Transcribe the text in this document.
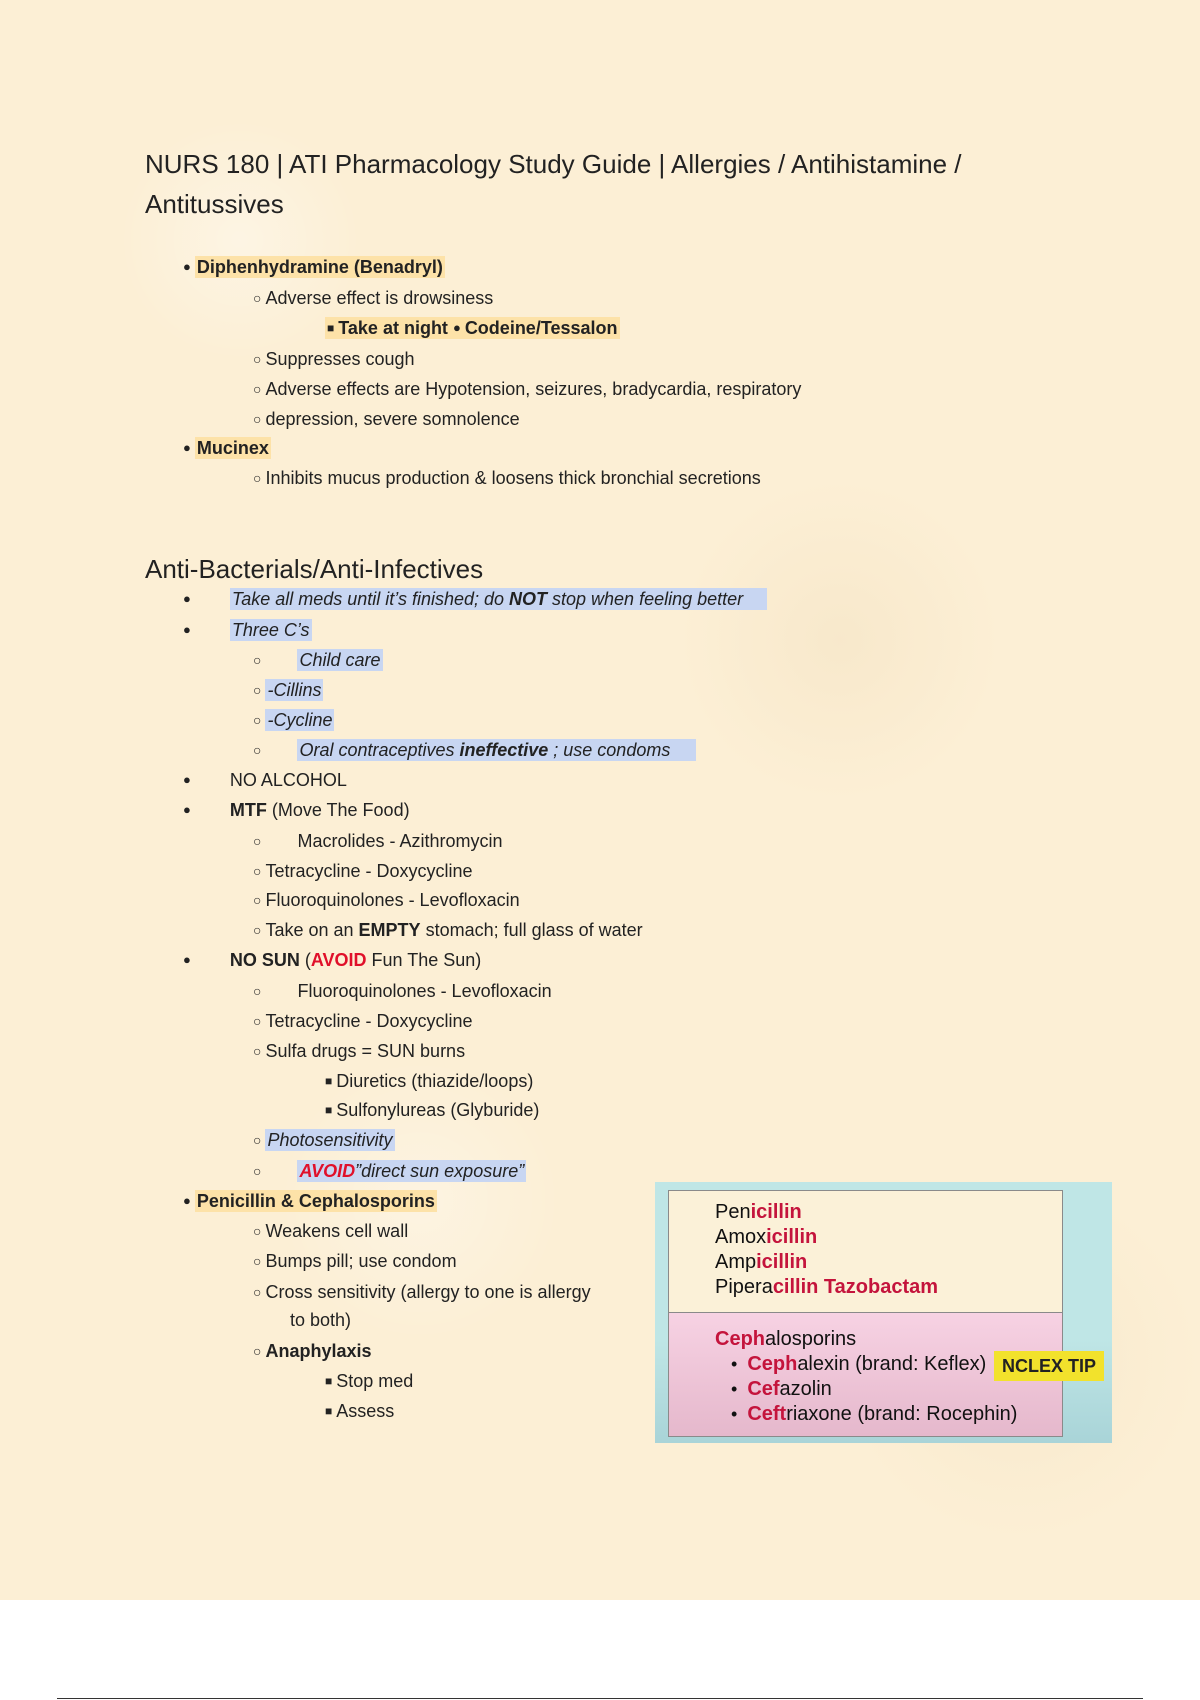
NURS 180 | ATI Pharmacology Study Guide | Allergies / Antihistamine / Antitussives
●Diphenhydramine (Benadryl)
○Adverse effect is drowsiness
■Take at night ● Codeine/Tessalon
○Suppresses cough
○Adverse effects are Hypotension, seizures, bradycardia, respiratory
○depression, severe somnolence
●Mucinex
○Inhibits mucus production & loosens thick bronchial secretions
Anti-Bacterials/Anti-Infectives
●Take all meds until it’s finished; do NOT stop when feeling better
●Three C’s
○Child care
○-Cillins
○-Cycline
○Oral contraceptives ineffective ; use condoms
●NO ALCOHOL
●MTF (Move The Food)
○Macrolides - Azithromycin
○Tetracycline - Doxycycline
○Fluoroquinolones - Levofloxacin
○Take on an EMPTY stomach; full glass of water
●NO SUN (AVOID Fun The Sun)
○Fluoroquinolones - Levofloxacin
○Tetracycline - Doxycycline
○Sulfa drugs = SUN burns
■Diuretics (thiazide/loops)
■Sulfonylureas (Glyburide)
○Photosensitivity
○AVOID”direct sun exposure”
●Penicillin & Cephalosporins
○Weakens cell wall
○Bumps pill; use condom
○Cross sensitivity (allergy to one is allergy
to both)
○Anaphylaxis
■Stop med
■Assess
Penicillin
Amoxicillin
Ampicillin
Piperacillin Tazobactam
Cephalosporins
• Cephalexin (brand: Keflex)
• Cefazolin
• Ceftriaxone (brand: Rocephin)
NCLEX TIP
